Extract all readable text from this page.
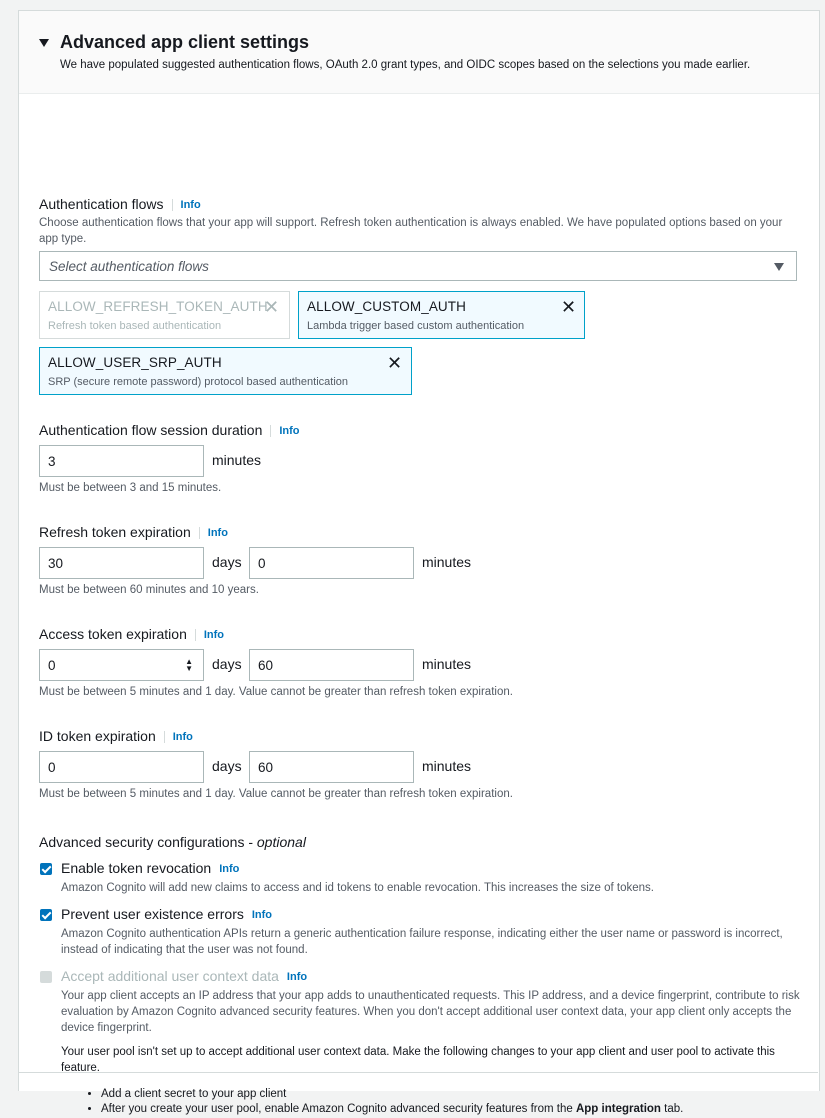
Advanced app client settings
We have populated suggested authentication flows, OAuth 2.0 grant types, and OIDC scopes based on the selections you made earlier.
Authentication flows Info
Choose authentication flows that your app will support. Refresh token authentication is always enabled. We have populated options based on your app type.
Select authentication flows
ALLOW_REFRESH_TOKEN_AUTH
Refresh token based authentication
✕ ALLOW_CUSTOM_AUTH
Lambda trigger based custom authentication
✕
ALLOW_USER_SRP_AUTH
SRP (secure remote password) protocol based authentication
✕
Authentication flow session duration Info
3	minutes
Must be between 3 and 15 minutes.
Refresh token expiration Info
30	days 0	minutes
Must be between 60 minutes and 10 years.
Access token expiration Info
0	▲
▼ days 60	minutes
Must be between 5 minutes and 1 day. Value cannot be greater than refresh token expiration.
ID token expiration Info
0	days 60	minutes
Must be between 5 minutes and 1 day. Value cannot be greater than refresh token expiration.
Advanced security configurations - optional
Enable token revocation Info
Amazon Cognito will add new claims to access and id tokens to enable revocation. This increases the size of tokens.
Prevent user existence errors Info
Amazon Cognito authentication APIs return a generic authentication failure response, indicating either the user name or password is incorrect, instead of indicating that the user was not found.
Accept additional user context data Info
Your app client accepts an IP address that your app adds to unauthenticated requests. This IP address, and a device fingerprint, contribute to risk evaluation by Amazon Cognito advanced security features. When you don't accept additional user context data, your app client only accepts the device fingerprint.
Your user pool isn't set up to accept additional user context data. Make the following changes to your app client and user pool to activate this feature.
• Add a client secret to your app client
• After you create your user pool, enable Amazon Cognito advanced security features from the App integration tab.
